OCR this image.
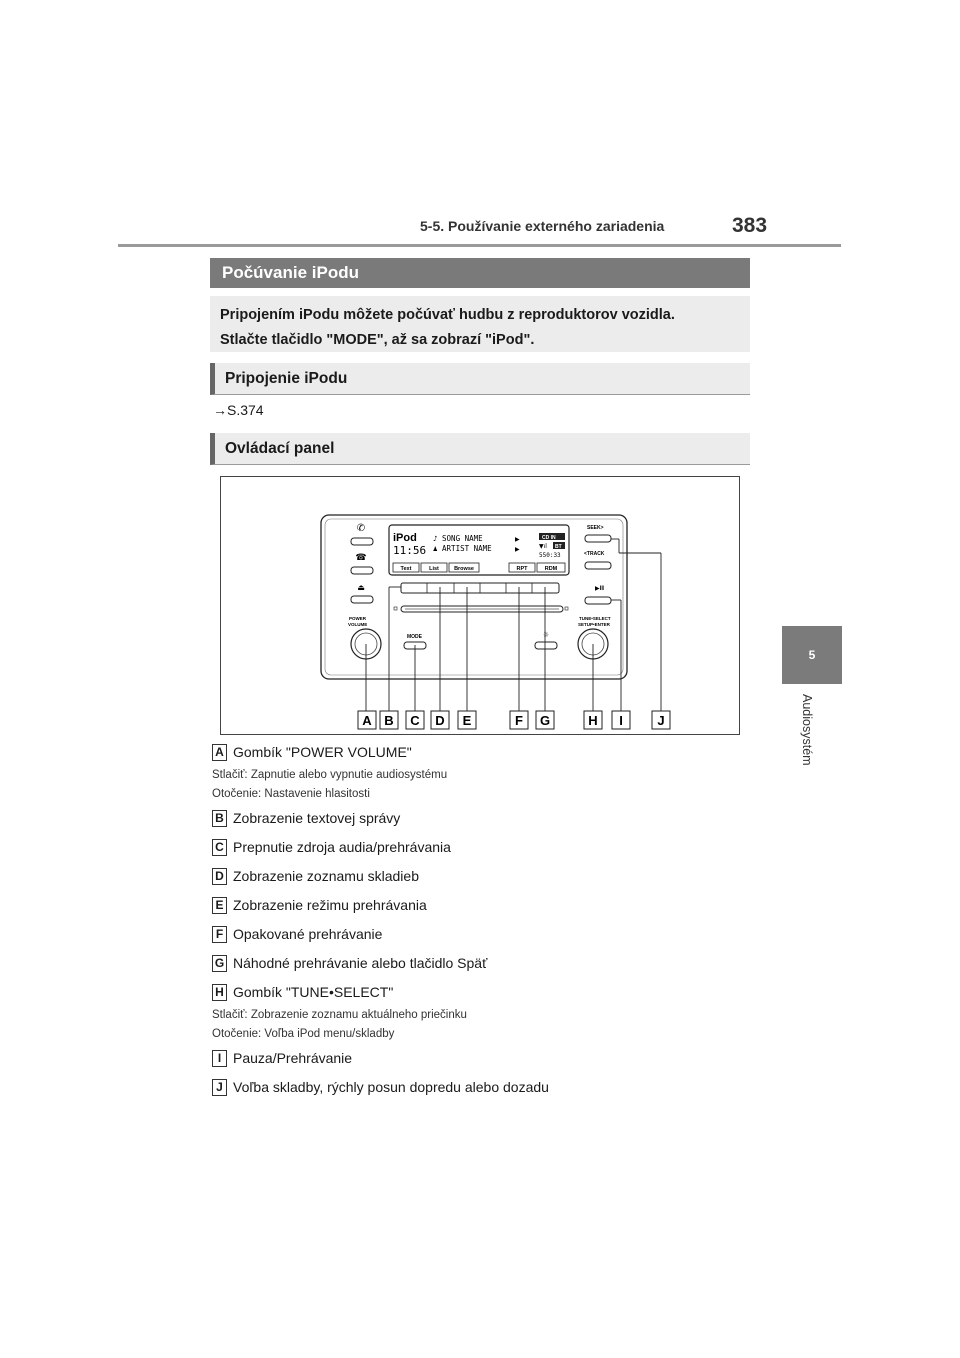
5-5. Používanie externého zariadenia	383
5
Audiosystém
Počúvanie iPodu
Pripojením iPodu môžete počúvať hudbu z reproduktorov vozidla.
Stlačte tlačidlo "MODE", až sa zobrazí "iPod".
Pripojenie iPodu
→S.374
Ovládací panel
✆
☎
⏏
POWER
VOLUME
iPod ♪ SONG NAME
♟ ARTIST NAME
11:56
▶
▶
CD IN
▼ıl BT
550:33
Text	List	Browse	RPT	RDM
MODE	☼
SEEK>
<TRACK
▶II
TUNE•SELECT
SETUP•ENTER
A B C D E	F G	H I	J
A Gombík "POWER VOLUME"
Stlačiť: Zapnutie alebo vypnutie audiosystému
Otočenie: Nastavenie hlasitosti
B Zobrazenie textovej správy
C Prepnutie zdroja audia/prehrávania
D Zobrazenie zoznamu skladieb
E Zobrazenie režimu prehrávania
F Opakované prehrávanie
G Náhodné prehrávanie alebo tlačidlo Späť
H Gombík "TUNE•SELECT"
Stlačiť: Zobrazenie zoznamu aktuálneho priečinku
Otočenie: Voľba iPod menu/skladby
I Pauza/Prehrávanie
J Voľba skladby, rýchly posun dopredu alebo dozadu
